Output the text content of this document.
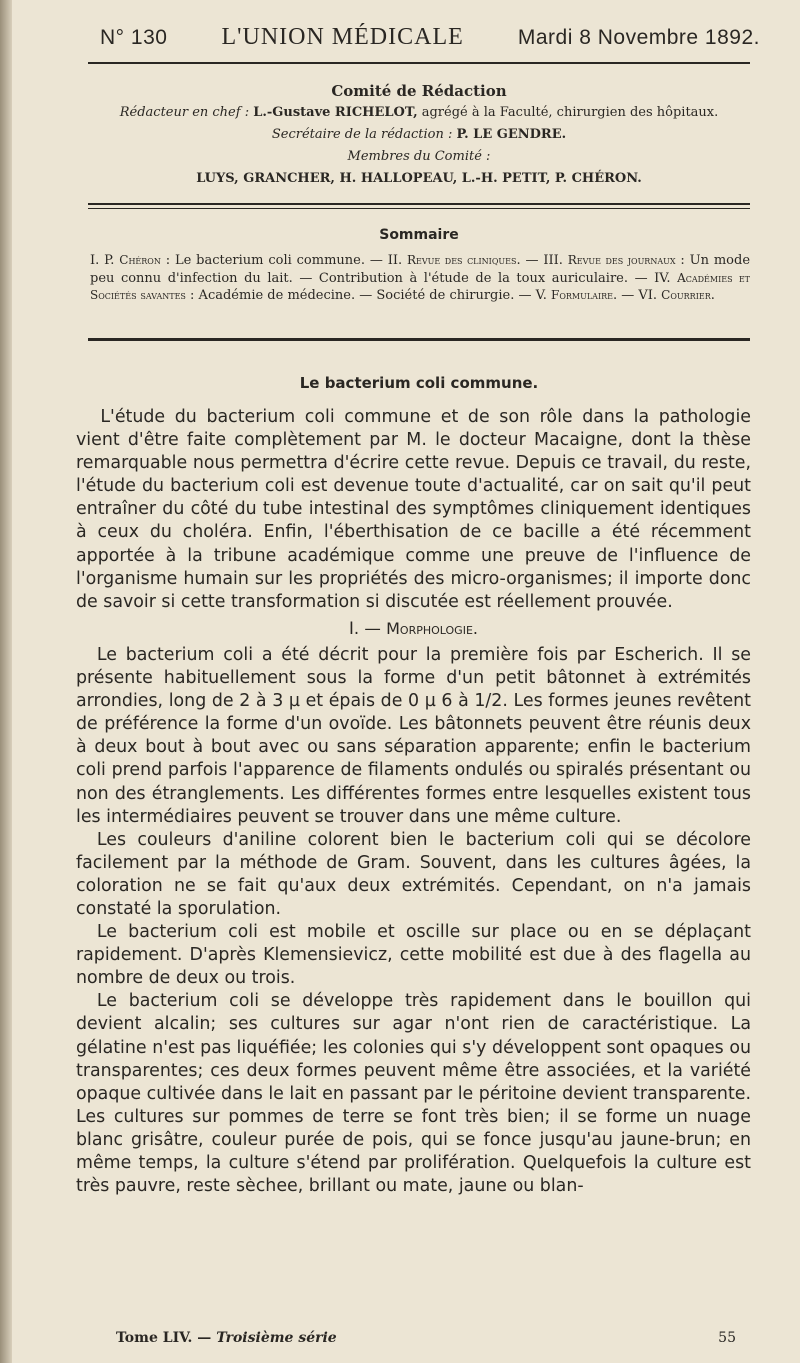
N° 130 L'UNION MÉDICALE	Mardi 8 Novembre 1892.
Comité de Rédaction
Rédacteur en chef : L.-Gustave RICHELOT, agrégé à la Faculté, chirurgien des hôpitaux.
Secrétaire de la rédaction : P. LE GENDRE.
Membres du Comité :
LUYS, GRANCHER, H. HALLOPEAU, L.-H. PETIT, P. CHÉRON.
Sommaire
I. P. Chéron : Le bacterium coli commune. — II. Revue des cliniques. — III. Revue des journaux : Un mode peu connu d'infection du lait. — Contribution à l'étude de la toux auriculaire. — IV. Académies et Sociétés savantes : Académie de médecine. — Société de chirurgie. — V. Formulaire. — VI. Courrier.
Le bacterium coli commune.

L'étude du bacterium coli commune et de son rôle dans la pathologie vient d'être faite complètement par M. le docteur Macaigne, dont la thèse remarquable nous permettra d'écrire cette revue. Depuis ce travail, du reste, l'étude du bacterium coli est devenue toute d'actualité, car on sait qu'il peut entraîner du côté du tube intestinal des symptômes cliniquement identiques à ceux du choléra. Enfin, l'éberthisation de ce bacille a été récemment apportée à la tribune académique comme une preuve de l'influence de l'organisme humain sur les propriétés des micro-organismes; il importe donc de savoir si cette transformation si discutée est réellement prouvée.

I. — Morphologie.

Le bacterium coli a été décrit pour la première fois par Escherich. Il se présente habituellement sous la forme d'un petit bâtonnet à extrémités arrondies, long de 2 à 3 µ et épais de 0 µ 6 à 1/2. Les formes jeunes revêtent de préférence la forme d'un ovoïde. Les bâtonnets peuvent être réunis deux à deux bout à bout avec ou sans séparation apparente; enfin le bacterium coli prend parfois l'apparence de filaments ondulés ou spiralés présentant ou non des étranglements. Les différentes formes entre lesquelles existent tous les intermédiaires peuvent se trouver dans une même culture.

Les couleurs d'aniline colorent bien le bacterium coli qui se décolore facilement par la méthode de Gram. Souvent, dans les cultures âgées, la coloration ne se fait qu'aux deux extrémités. Cependant, on n'a jamais constaté la sporulation.

Le bacterium coli est mobile et oscille sur place ou en se déplaçant rapidement. D'après Klemensievicz, cette mobilité est due à des flagella au nombre de deux ou trois.

Le bacterium coli se développe très rapidement dans le bouillon qui devient alcalin; ses cultures sur agar n'ont rien de caractéristique. La gélatine n'est pas liquéfiée; les colonies qui s'y développent sont opaques ou transparentes; ces deux formes peuvent même être associées, et la variété opaque cultivée dans le lait en passant par le péritoine devient transparente. Les cultures sur pommes de terre se font très bien; il se forme un nuage blanc grisâtre, couleur purée de pois, qui se fonce jusqu'au jaune-brun; en même temps, la culture s'étend par prolifération. Quelquefois la culture est très pauvre, reste sèchee, brillant ou mate, jaune ou blan-

Tome LIV. — Troisième série	55
